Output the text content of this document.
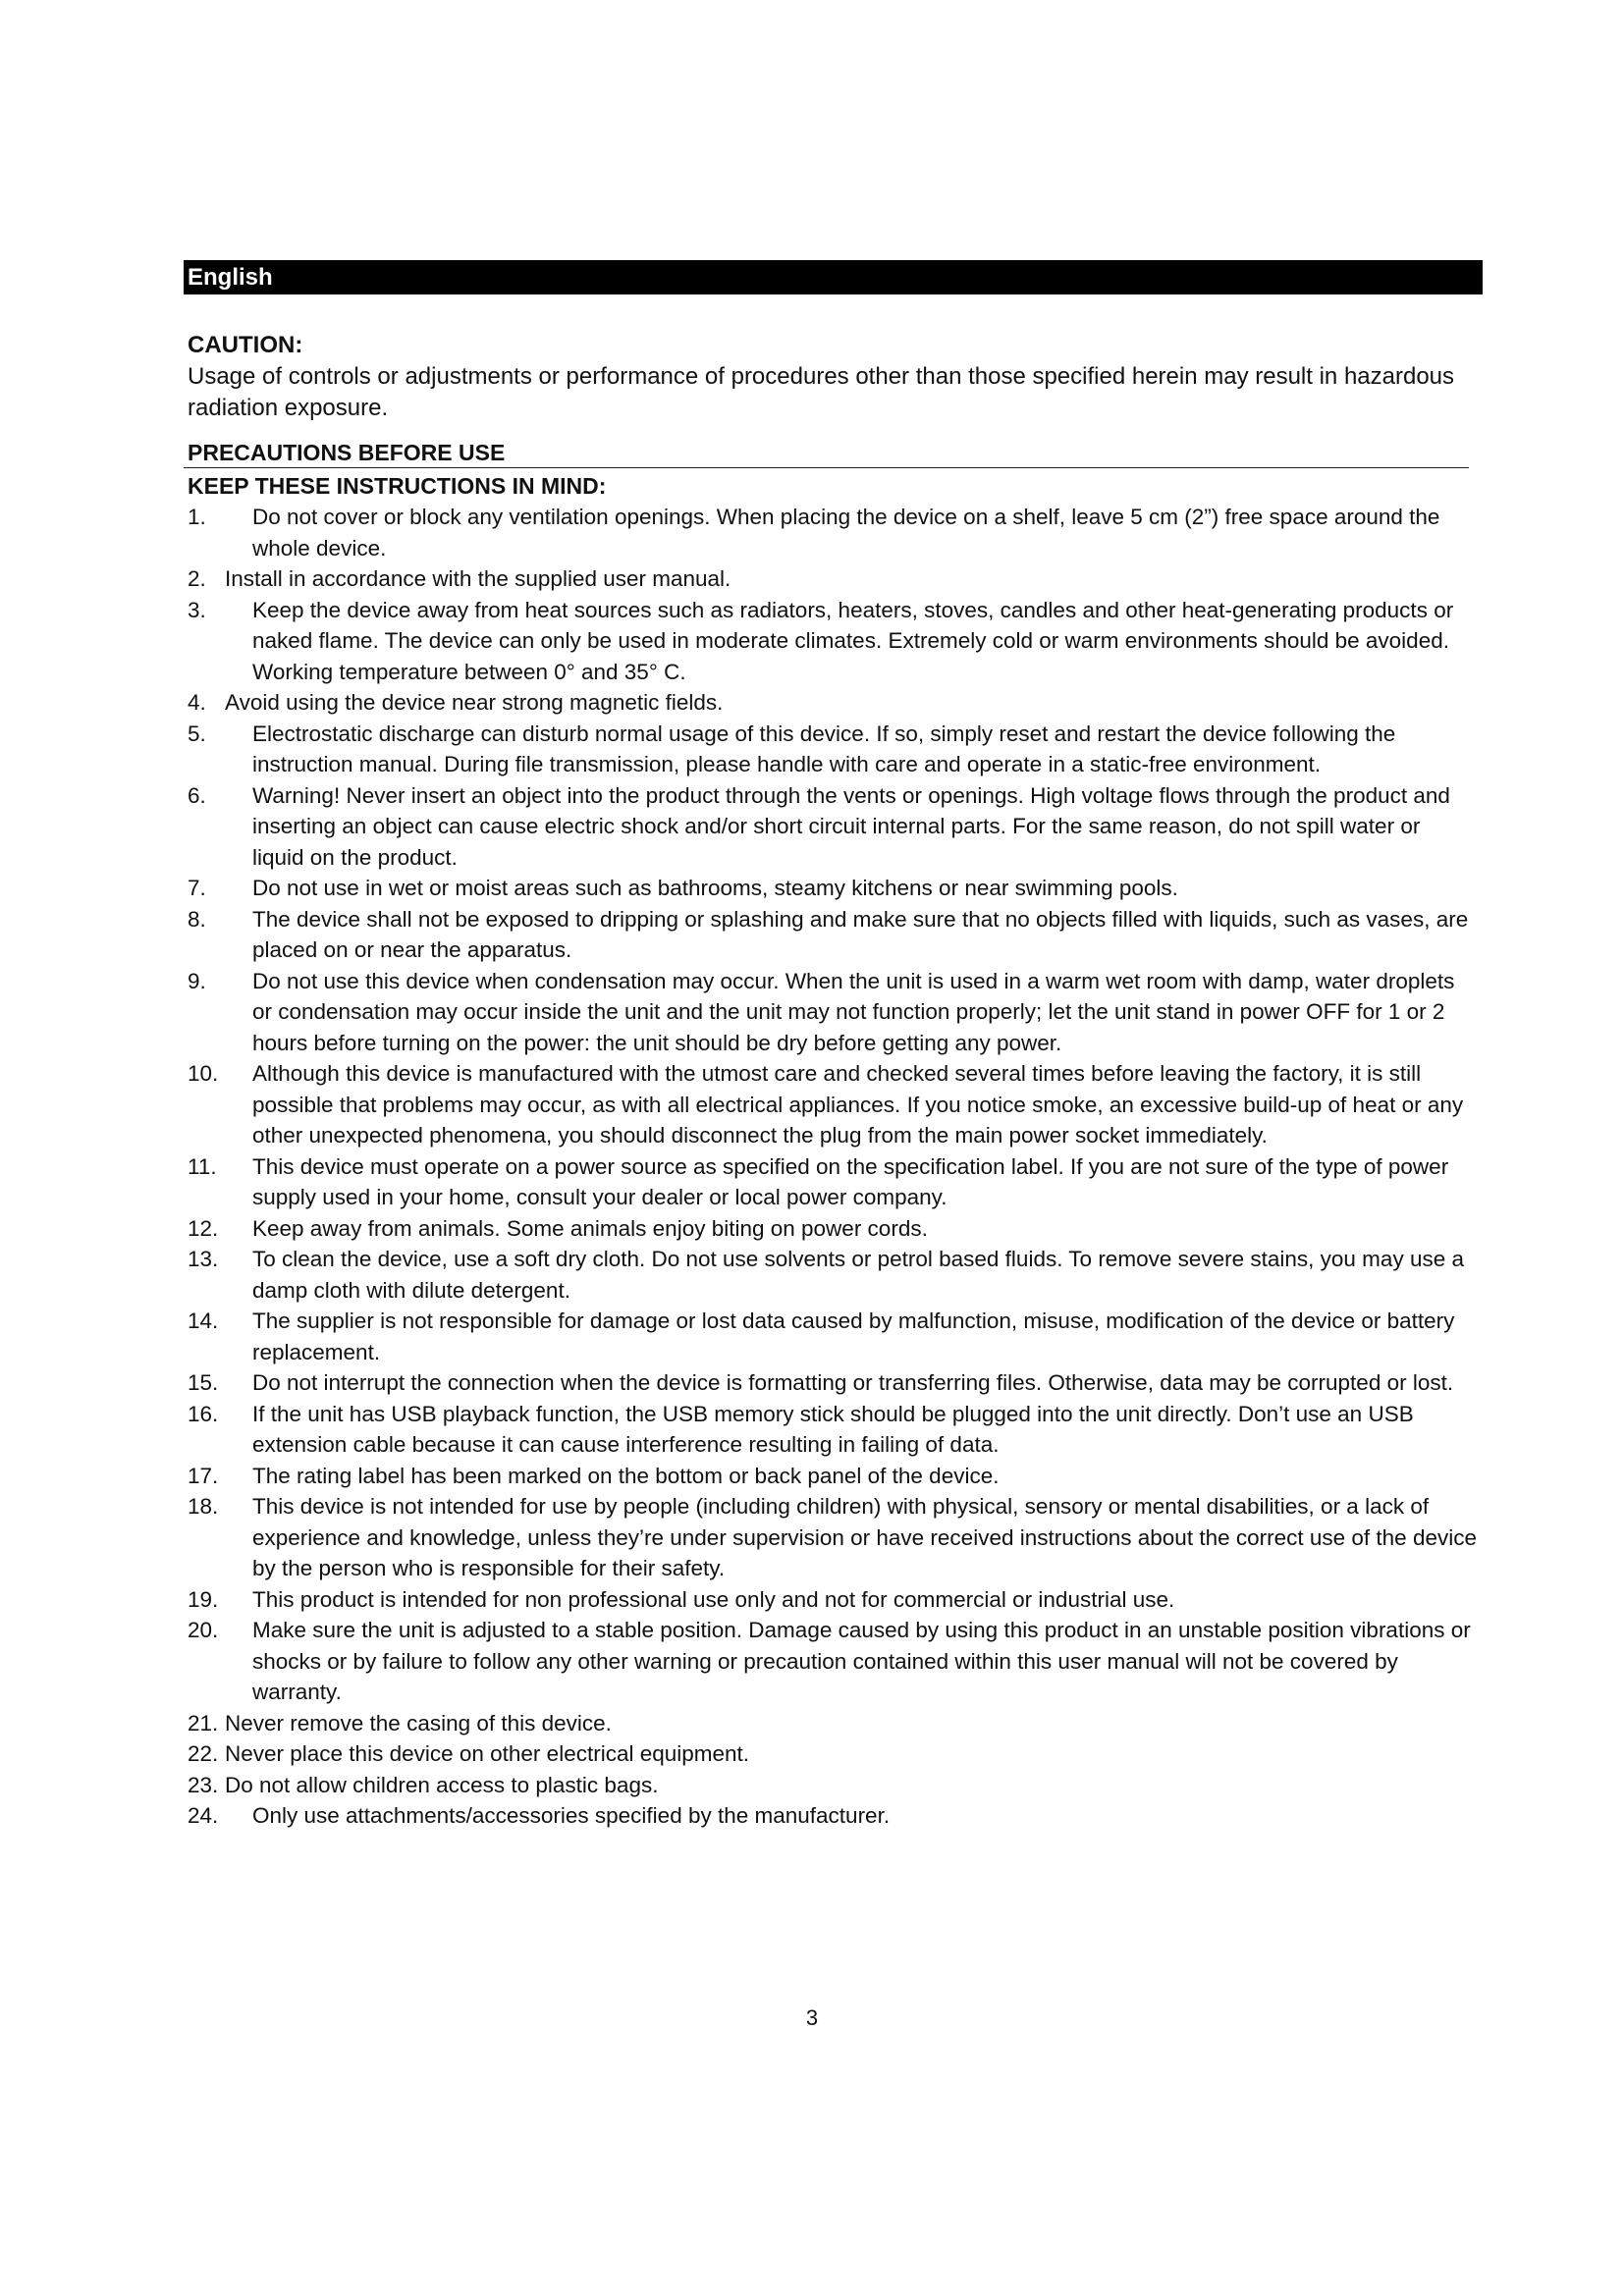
English
CAUTION:
Usage of controls or adjustments or performance of procedures other than those specified herein may result in hazardous radiation exposure.
PRECAUTIONS BEFORE USE
KEEP THESE INSTRUCTIONS IN MIND:
1. Do not cover or block any ventilation openings. When placing the device on a shelf, leave 5 cm (2”) free space around the whole device.
2. Install in accordance with the supplied user manual.
3. Keep the device away from heat sources such as radiators, heaters, stoves, candles and other heat-generating products or naked flame. The device can only be used in moderate climates. Extremely cold or warm environments should be avoided. Working temperature between 0° and 35° C.
4. Avoid using the device near strong magnetic fields.
5. Electrostatic discharge can disturb normal usage of this device. If so, simply reset and restart the device following the instruction manual. During file transmission, please handle with care and operate in a static-free environment.
6. Warning! Never insert an object into the product through the vents or openings. High voltage flows through the product and inserting an object can cause electric shock and/or short circuit internal parts. For the same reason, do not spill water or liquid on the product.
7. Do not use in wet or moist areas such as bathrooms, steamy kitchens or near swimming pools.
8. The device shall not be exposed to dripping or splashing and make sure that no objects filled with liquids, such as vases, are placed on or near the apparatus.
9. Do not use this device when condensation may occur. When the unit is used in a warm wet room with damp, water droplets or condensation may occur inside the unit and the unit may not function properly; let the unit stand in power OFF for 1 or 2 hours before turning on the power: the unit should be dry before getting any power.
10. Although this device is manufactured with the utmost care and checked several times before leaving the factory, it is still possible that problems may occur, as with all electrical appliances. If you notice smoke, an excessive build-up of heat or any other unexpected phenomena, you should disconnect the plug from the main power socket immediately.
11. This device must operate on a power source as specified on the specification label. If you are not sure of the type of power supply used in your home, consult your dealer or local power company.
12. Keep away from animals. Some animals enjoy biting on power cords.
13. To clean the device, use a soft dry cloth. Do not use solvents or petrol based fluids. To remove severe stains, you may use a damp cloth with dilute detergent.
14. The supplier is not responsible for damage or lost data caused by malfunction, misuse, modification of the device or battery replacement.
15. Do not interrupt the connection when the device is formatting or transferring files. Otherwise, data may be corrupted or lost.
16. If the unit has USB playback function, the USB memory stick should be plugged into the unit directly. Don’t use an USB extension cable because it can cause interference resulting in failing of data.
17. The rating label has been marked on the bottom or back panel of the device.
18. This device is not intended for use by people (including children) with physical, sensory or mental disabilities, or a lack of experience and knowledge, unless they’re under supervision or have received instructions about the correct use of the device by the person who is responsible for their safety.
19. This product is intended for non professional use only and not for commercial or industrial use.
20. Make sure the unit is adjusted to a stable position. Damage caused by using this product in an unstable position vibrations or shocks or by failure to follow any other warning or precaution contained within this user manual will not be covered by warranty.
21. Never remove the casing of this device.
22. Never place this device on other electrical equipment.
23. Do not allow children access to plastic bags.
24. Only use attachments/accessories specified by the manufacturer.
3
